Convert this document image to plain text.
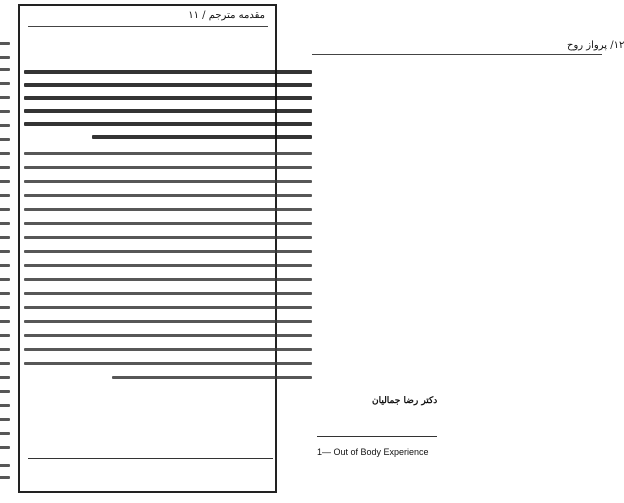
مقدمه مترجم / ۱۱
۱۲/ پرواز روح
دکتر رضا جمالیان
1— Out of Body Experience
